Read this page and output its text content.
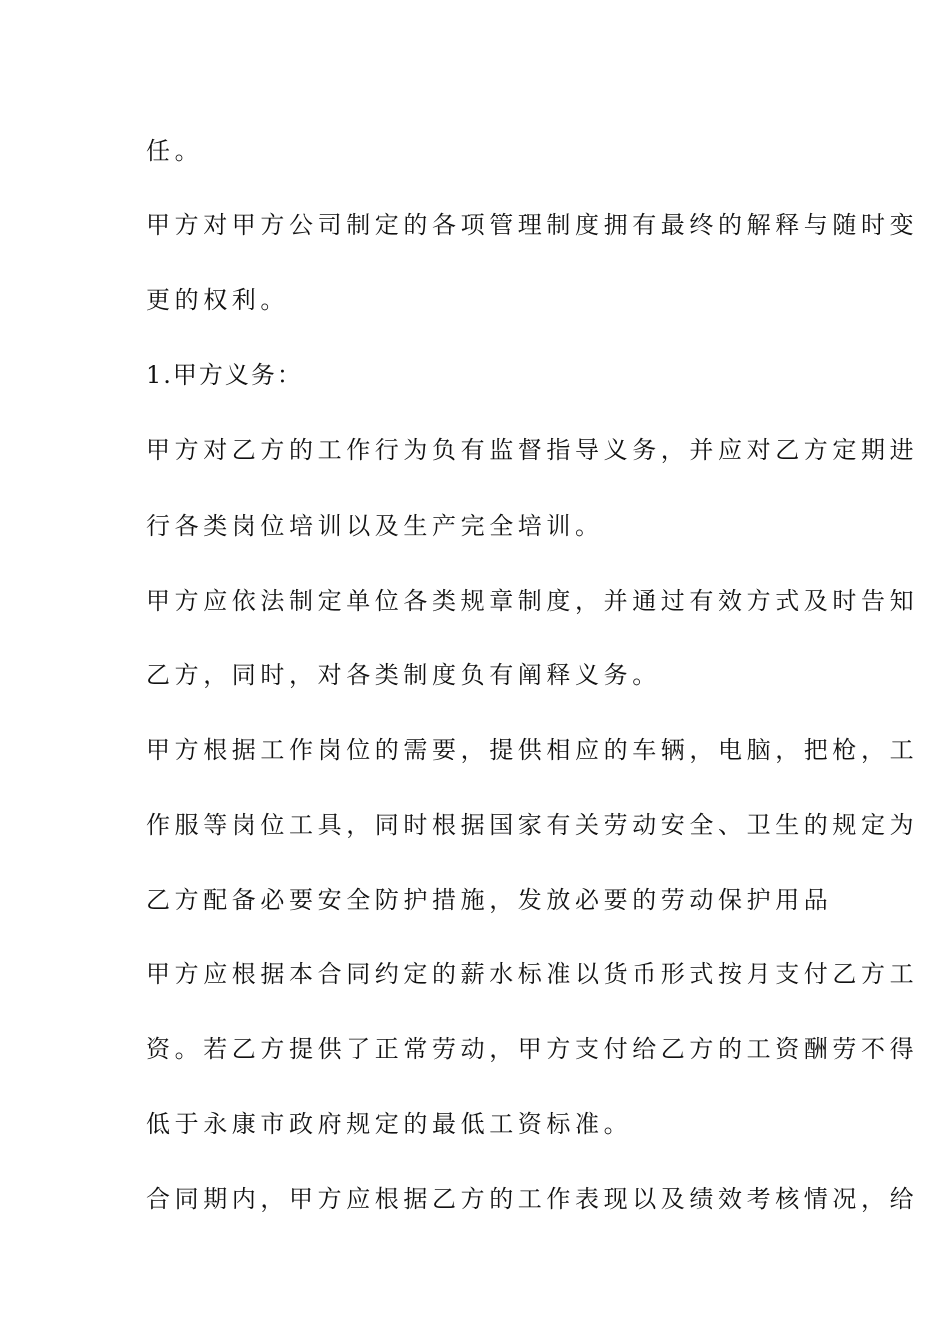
任。
甲方对甲方公司制定的各项管理制度拥有最终的解释与随时变
更的权利。
1.甲方义务：
甲方对乙方的工作行为负有监督指导义务，并应对乙方定期进
行各类岗位培训以及生产完全培训。
甲方应依法制定单位各类规章制度，并通过有效方式及时告知
乙方，同时，对各类制度负有阐释义务。
甲方根据工作岗位的需要，提供相应的车辆，电脑，把枪，工
作服等岗位工具，同时根据国家有关劳动安全、卫生的规定为
乙方配备必要安全防护措施，发放必要的劳动保护用品
甲方应根据本合同约定的薪水标准以货币形式按月支付乙方工
资。若乙方提供了正常劳动，甲方支付给乙方的工资酬劳不得
低于永康市政府规定的最低工资标准。
合同期内，甲方应根据乙方的工作表现以及绩效考核情况，给
